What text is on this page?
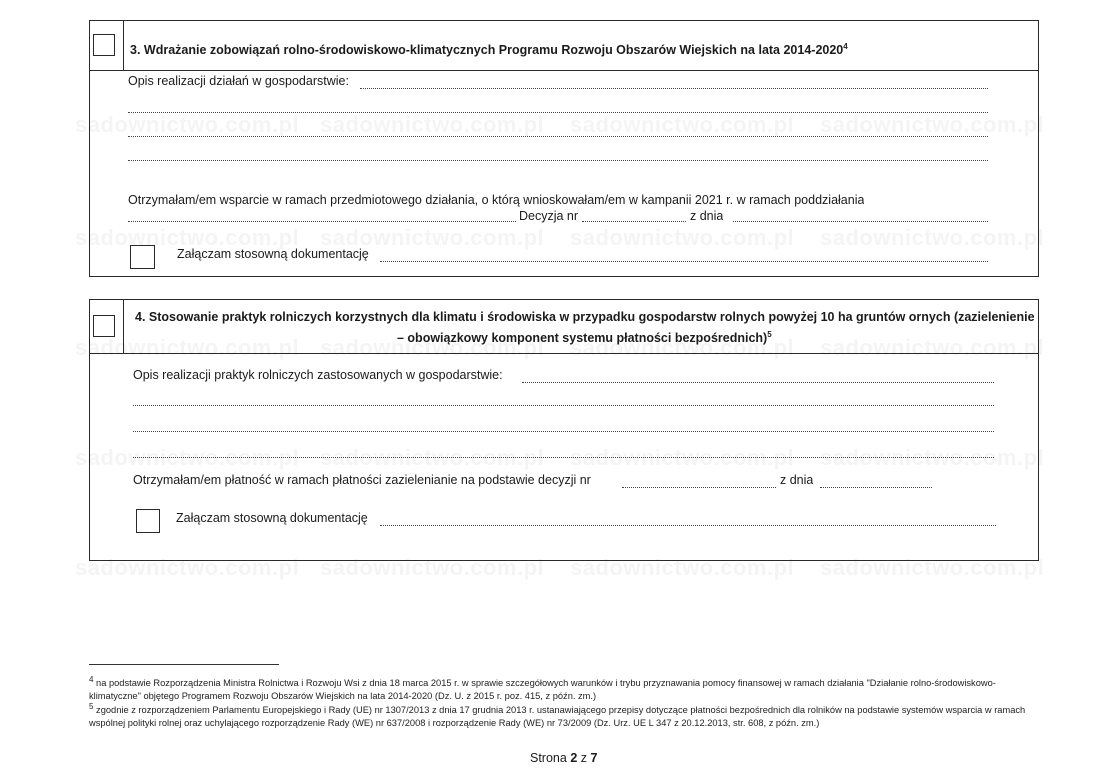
3. Wdrażanie zobowiązań rolno-środowiskowo-klimatycznych Programu Rozwoju Obszarów Wiejskich na lata 2014-2020$^4$
Opis realizacji działań w gospodarstwie:
Otrzymałam/em wsparcie w ramach przedmiotowego działania, o którą wnioskowałam/em w kampanii 2021 r. w ramach poddziałania
Decyzja nr	z dnia
Załączam stosowną dokumentację
4. Stosowanie praktyk rolniczych korzystnych dla klimatu i środowiska w przypadku gospodarstw rolnych powyżej 10 ha gruntów ornych (zazielenienie
– obowiązkowy komponent systemu płatności bezpośrednich)$^5$
Opis realizacji praktyk rolniczych zastosowanych w gospodarstwie:
Otrzymałam/em płatność w ramach płatności zazielenianie na podstawie decyzji nr	z dnia
Załączam stosowną dokumentację
$^4$ na podstawie Rozporządzenia Ministra Rolnictwa i Rozwoju Wsi z dnia 18 marca 2015 r. w sprawie szczegółowych warunków i trybu przyznawania pomocy finansowej w ramach działania "Działanie rolno-środowiskowo-klimatyczne" objętego Programem Rozwoju Obszarów Wiejskich na lata 2014-2020 (Dz. U. z 2015 r. poz. 415, z późn. zm.)
$^5$ zgodnie z rozporządzeniem Parlamentu Europejskiego i Rady (UE) nr 1307/2013 z dnia 17 grudnia 2013 r. ustanawiającego przepisy dotyczące płatności bezpośrednich dla rolników na podstawie systemów wsparcia w ramach wspólnej polityki rolnej oraz uchylającego rozporządzenie Rady (WE) nr 637/2008 i rozporządzenie Rady (WE) nr 73/2009 (Dz. Urz. UE L 347 z 20.12.2013, str. 608, z późn. zm.)
Strona 2 z 7
